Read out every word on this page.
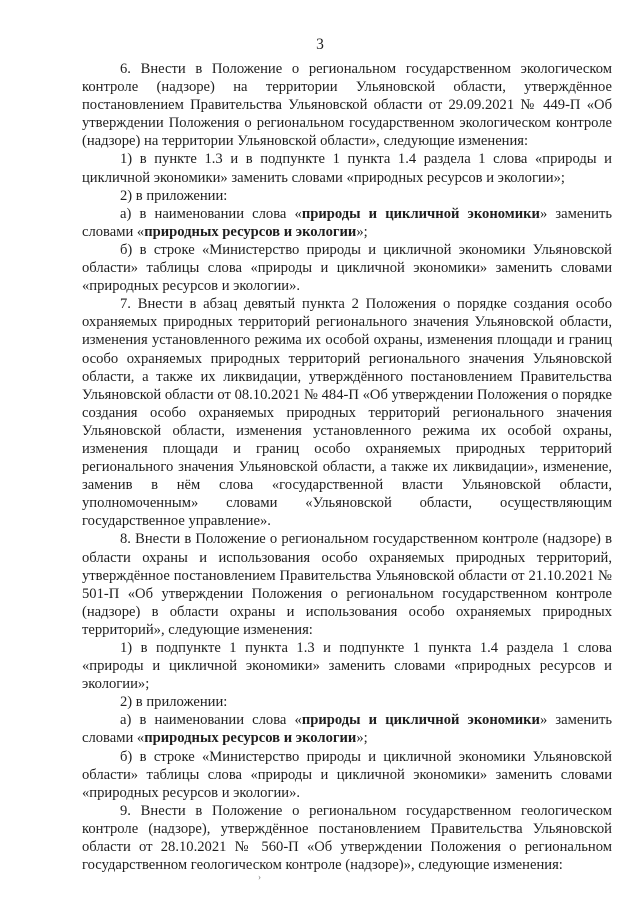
3

6. Внести в Положение о региональном государственном экологическом контроле (надзоре) на территории Ульяновской области, утверждённое постановлением Правительства Ульяновской области от 29.09.2021 № 449-П «Об утверждении Положения о региональном государственном экологическом контроле (надзоре) на территории Ульяновской области», следующие изменения:

1) в пункте 1.3 и в подпункте 1 пункта 1.4 раздела 1 слова «природы и цикличной экономики» заменить словами «природных ресурсов и экологии»;

2) в приложении:

а) в наименовании слова «природы и цикличной экономики» заменить словами «природных ресурсов и экологии»;

б) в строке «Министерство природы и цикличной экономики Ульяновской области» таблицы слова «природы и цикличной экономики» заменить словами «природных ресурсов и экологии».

7. Внести в абзац девятый пункта 2 Положения о порядке создания особо охраняемых природных территорий регионального значения Ульяновской области, изменения установленного режима их особой охраны, изменения площади и границ особо охраняемых природных территорий регионального значения Ульяновской области, а также их ликвидации, утверждённого постановлением Правительства Ульяновской области от 08.10.2021 № 484-П «Об утверждении Положения о порядке создания особо охраняемых природных территорий регионального значения Ульяновской области, изменения установленного режима их особой охраны, изменения площади и границ особо охраняемых природных территорий регионального значения Ульяновской области, а также их ликвидации», изменение, заменив в нём слова «государственной власти Ульяновской области, уполномоченным» словами «Ульяновской области, осуществляющим государственное управление».

8. Внести в Положение о региональном государственном контроле (надзоре) в области охраны и использования особо охраняемых природных территорий, утверждённое постановлением Правительства Ульяновской области от 21.10.2021 № 501-П «Об утверждении Положения о региональном государственном контроле (надзоре) в области охраны и использования особо охраняемых природных территорий», следующие изменения:

1) в подпункте 1 пункта 1.3 и подпункте 1 пункта 1.4 раздела 1 слова «природы и цикличной экономики» заменить словами «природных ресурсов и экологии»;

2) в приложении:

а) в наименовании слова «природы и цикличной экономики» заменить словами «природных ресурсов и экологии»;

б) в строке «Министерство природы и цикличной экономики Ульяновской области» таблицы слова «природы и цикличной экономики» заменить словами «природных ресурсов и экологии».

9. Внести в Положение о региональном государственном геологическом контроле (надзоре), утверждённое постановлением Правительства Ульяновской области от 28.10.2021 № 560-П «Об утверждении Положения о региональном государственном геологическом контроле (надзоре)», следующие изменения:

›
